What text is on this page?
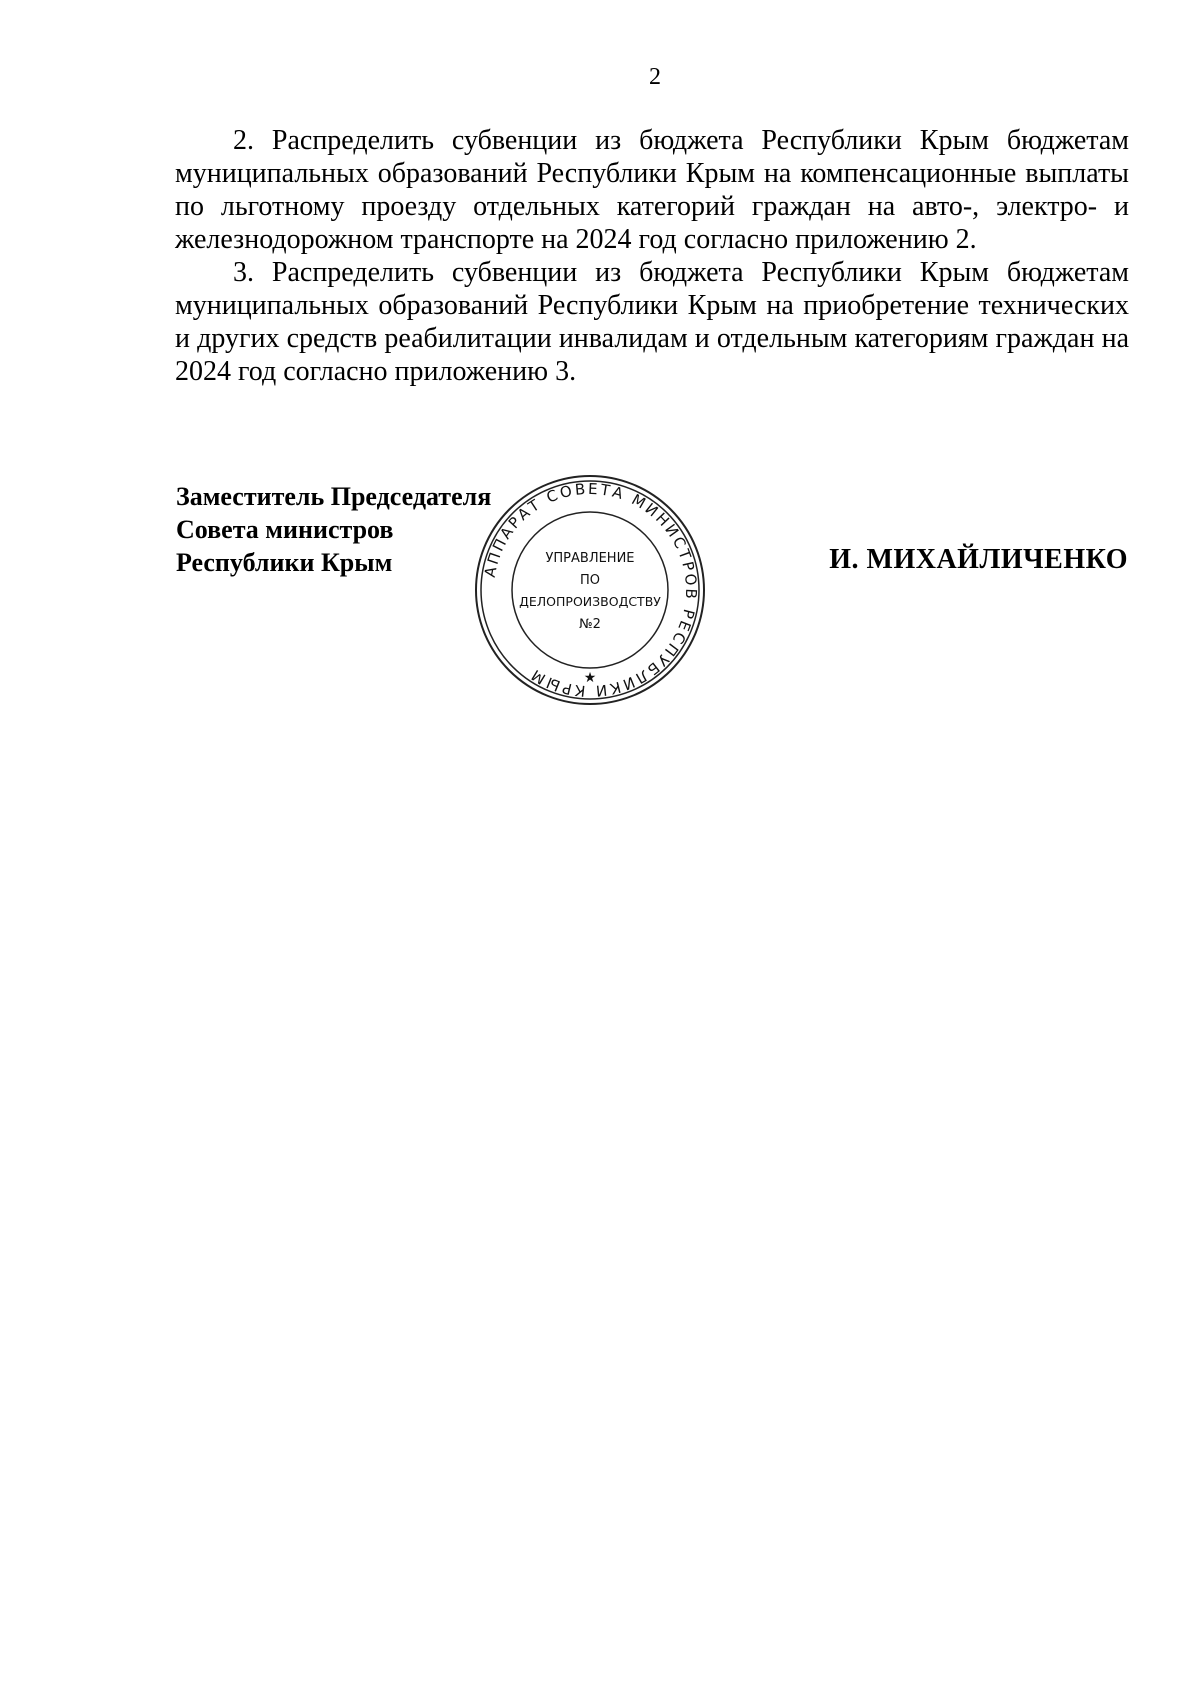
2

2. Распределить субвенции из бюджета Республики Крым бюджетам муниципальных образований Республики Крым на компенсационные выплаты по льготному проезду отдельных категорий граждан на авто-, электро- и железнодорожном транспорте на 2024 год согласно приложению 2.

3. Распределить субвенции из бюджета Республики Крым бюджетам муниципальных образований Республики Крым на приобретение технических и других средств реабилитации инвалидам и отдельным категориям граждан на 2024 год согласно приложению 3.

Заместитель Председателя
Совета министров
Республики Крым	И. МИХАЙЛИЧЕНКО
АППАРАТ СОВЕТА МИНИСТРОВ РЕСПУБЛИКИ КРЫМ	★
УПРАВЛЕНИЕ
ПО
ДЕЛОПРОИЗВОДСТВУ
№2
